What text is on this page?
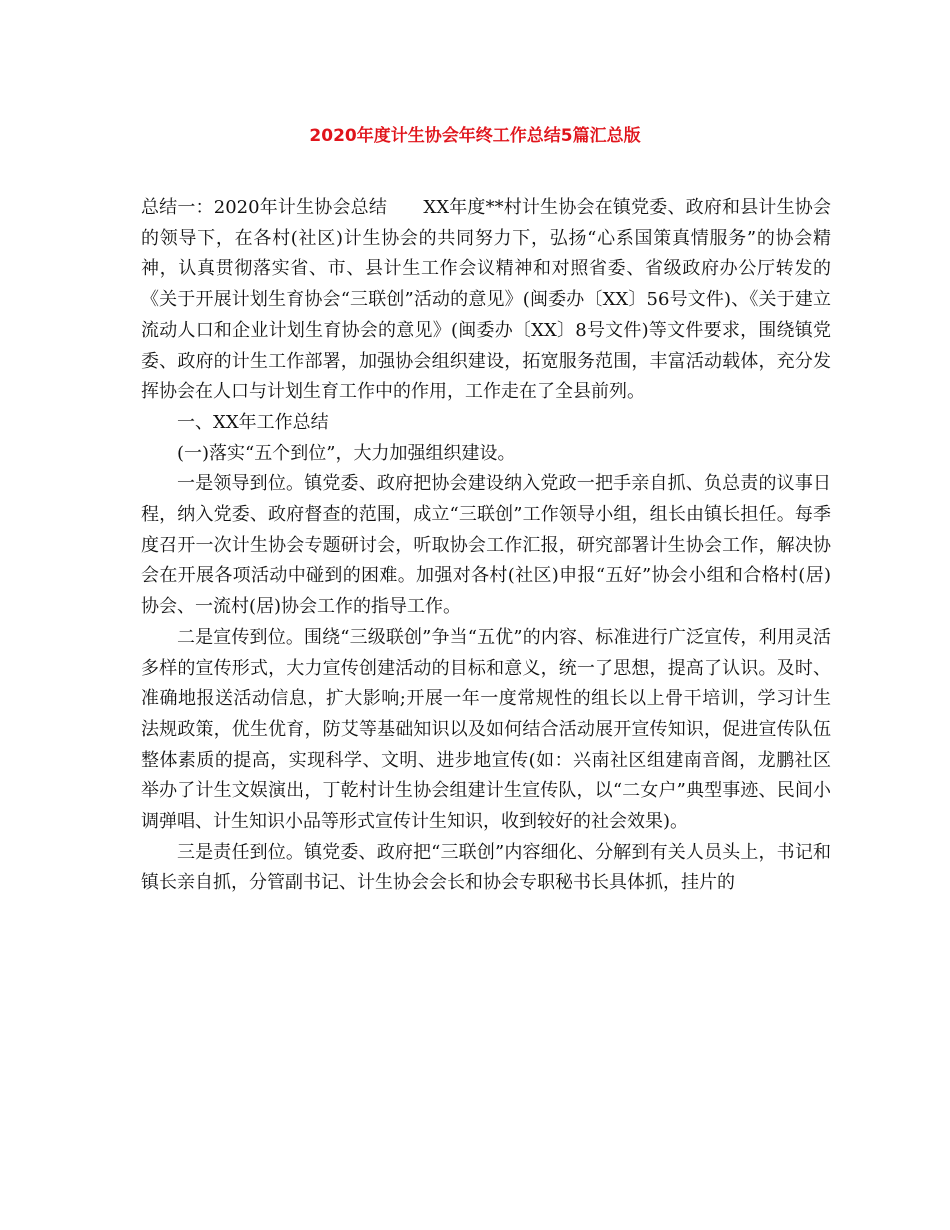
2020年度计生协会年终工作总结5篇汇总版

总结一：2020年计生协会总结　　XX年度**村计生协会在镇党委、政府和县计生协会的领导下，在各村(社区)计生协会的共同努力下，弘扬“心系国策真情服务”的协会精神，认真贯彻落实省、市、县计生工作会议精神和对照省委、省级政府办公厅转发的《关于开展计划生育协会“三联创”活动的意见》(闽委办〔XX〕56号文件)、《关于建立流动人口和企业计划生育协会的意见》(闽委办〔XX〕8号文件)等文件要求，围绕镇党委、政府的计生工作部署，加强协会组织建设，拓宽服务范围，丰富活动载体，充分发挥协会在人口与计划生育工作中的作用，工作走在了全县前列。

一、XX年工作总结

(一)落实“五个到位”，大力加强组织建设。

一是领导到位。镇党委、政府把协会建设纳入党政一把手亲自抓、负总责的议事日程，纳入党委、政府督查的范围，成立“三联创”工作领导小组，组长由镇长担任。每季度召开一次计生协会专题研讨会，听取协会工作汇报，研究部署计生协会工作，解决协会在开展各项活动中碰到的困难。加强对各村(社区)申报“五好”协会小组和合格村(居)协会、一流村(居)协会工作的指导工作。

二是宣传到位。围绕“三级联创”争当“五优”的内容、标准进行广泛宣传，利用灵活多样的宣传形式，大力宣传创建活动的目标和意义，统一了思想，提高了认识。及时、准确地报送活动信息，扩大影响;开展一年一度常规性的组长以上骨干培训，学习计生法规政策，优生优育，防艾等基础知识以及如何结合活动展开宣传知识，促进宣传队伍整体素质的提高，实现科学、文明、进步地宣传(如：兴南社区组建南音阁，龙鹏社区举办了计生文娱演出，丁乾村计生协会组建计生宣传队，以“二女户”典型事迹、民间小调弹唱、计生知识小品等形式宣传计生知识，收到较好的社会效果)。

三是责任到位。镇党委、政府把“三联创”内容细化、分解到有关人员头上，书记和镇长亲自抓，分管副书记、计生协会会长和协会专职秘书长具体抓，挂片的
